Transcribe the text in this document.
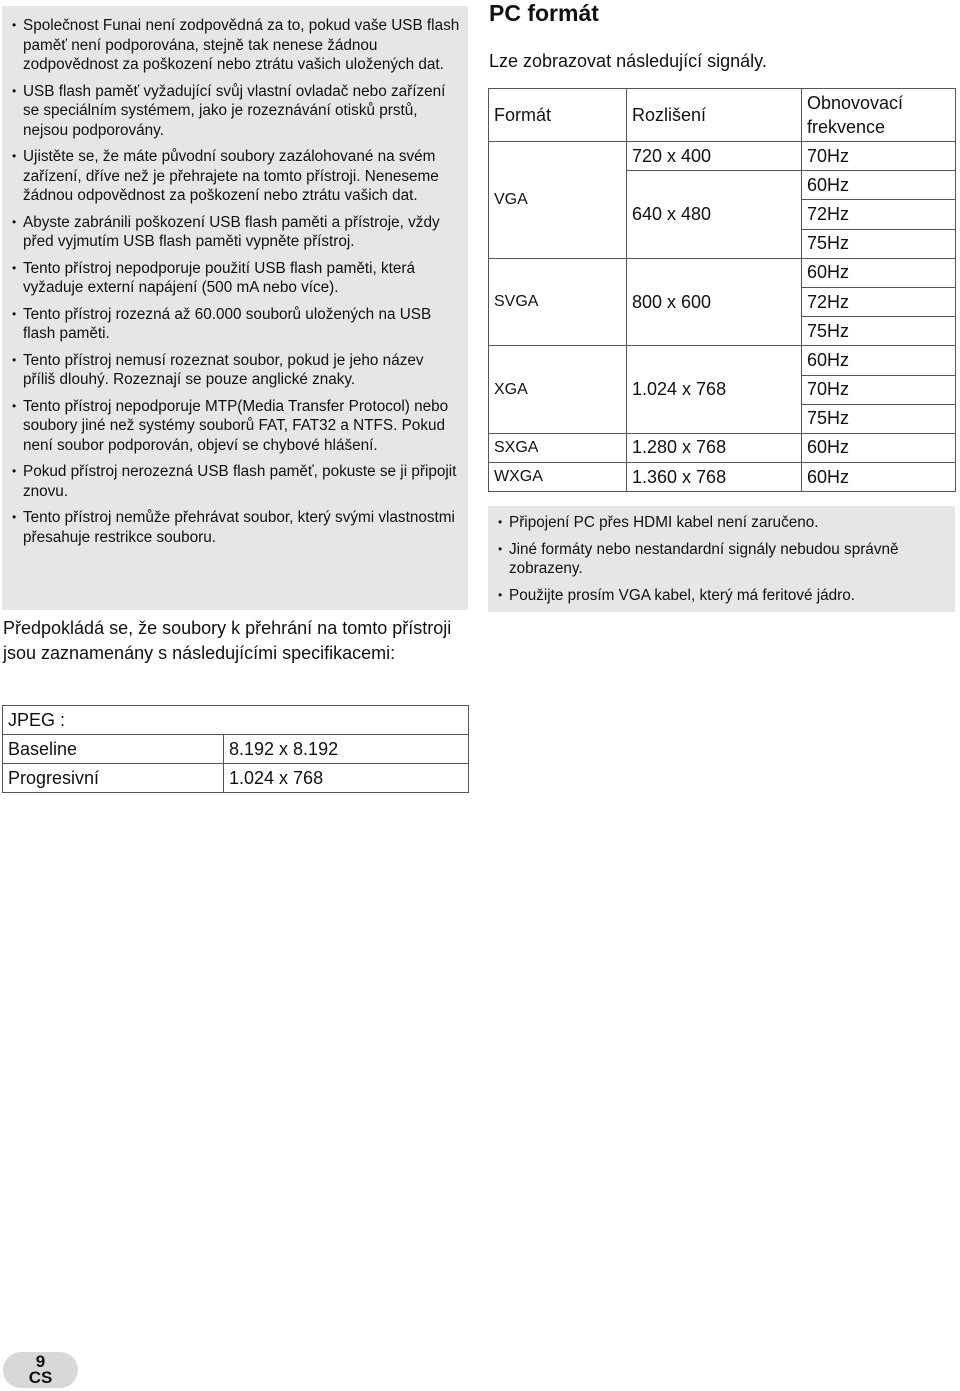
• Společnost Funai není zodpovědná za to, pokud vaše USB flash paměť není podporována, stejně tak nenese žádnou zodpovědnost za poškození nebo ztrátu vašich uložených dat.
• USB flash paměť vyžadující svůj vlastní ovladač nebo zařízení se speciálním systémem, jako je rozeznávání otisků prstů, nejsou podporovány.
• Ujistěte se, že máte původní soubory zazálohované na svém zařízení, dříve než je přehrajete na tomto přístroji. Neneseme žádnou odpovědnost za poškození nebo ztrátu vašich dat.
• Abyste zabránili poškození USB flash paměti a přístroje, vždy před vyjmutím USB flash paměti vypněte přístroj.
• Tento přístroj nepodporuje použití USB flash paměti, která vyžaduje externí napájení (500 mA nebo více).
• Tento přístroj rozezná až 60.000 souborů uložených na USB flash paměti.
• Tento přístroj nemusí rozeznat soubor, pokud je jeho název příliš dlouhý. Rozeznají se pouze anglické znaky.
• Tento přístroj nepodporuje MTP(Media Transfer Protocol) nebo soubory jiné než systémy souborů FAT, FAT32 a NTFS. Pokud není soubor podporován, objeví se chybové hlášení.
• Pokud přístroj nerozezná USB flash paměť, pokuste se ji připojit znovu.
• Tento přístroj nemůže přehrávat soubor, který svými vlastnostmi přesahuje restrikce souboru.

Předpokládá se, že soubory k přehrání na tomto přístroji jsou zaznamenány s následujícími specifikacemi:

JPEG :	
Baseline	8.192 x 8.192
Progresivní	1.024 x 768
PC formát

Lze zobrazovat následující signály.

Formát	Rozlišení	Obnovovací frekvence
VGA	720 x 400	70Hz
	640 x 480	60Hz
		72Hz
		75Hz
SVGA	800 x 600	60Hz
		72Hz
		75Hz
XGA	1.024 x 768	60Hz
		70Hz
		75Hz
SXGA	1.280 x 768	60Hz
WXGA	1.360 x 768	60Hz
• Připojení PC přes HDMI kabel není zaručeno.
• Jiné formáty nebo nestandardní signály nebudou správně zobrazeny.
• Použijte prosím VGA kabel, který má feritové jádro.
9
CS
